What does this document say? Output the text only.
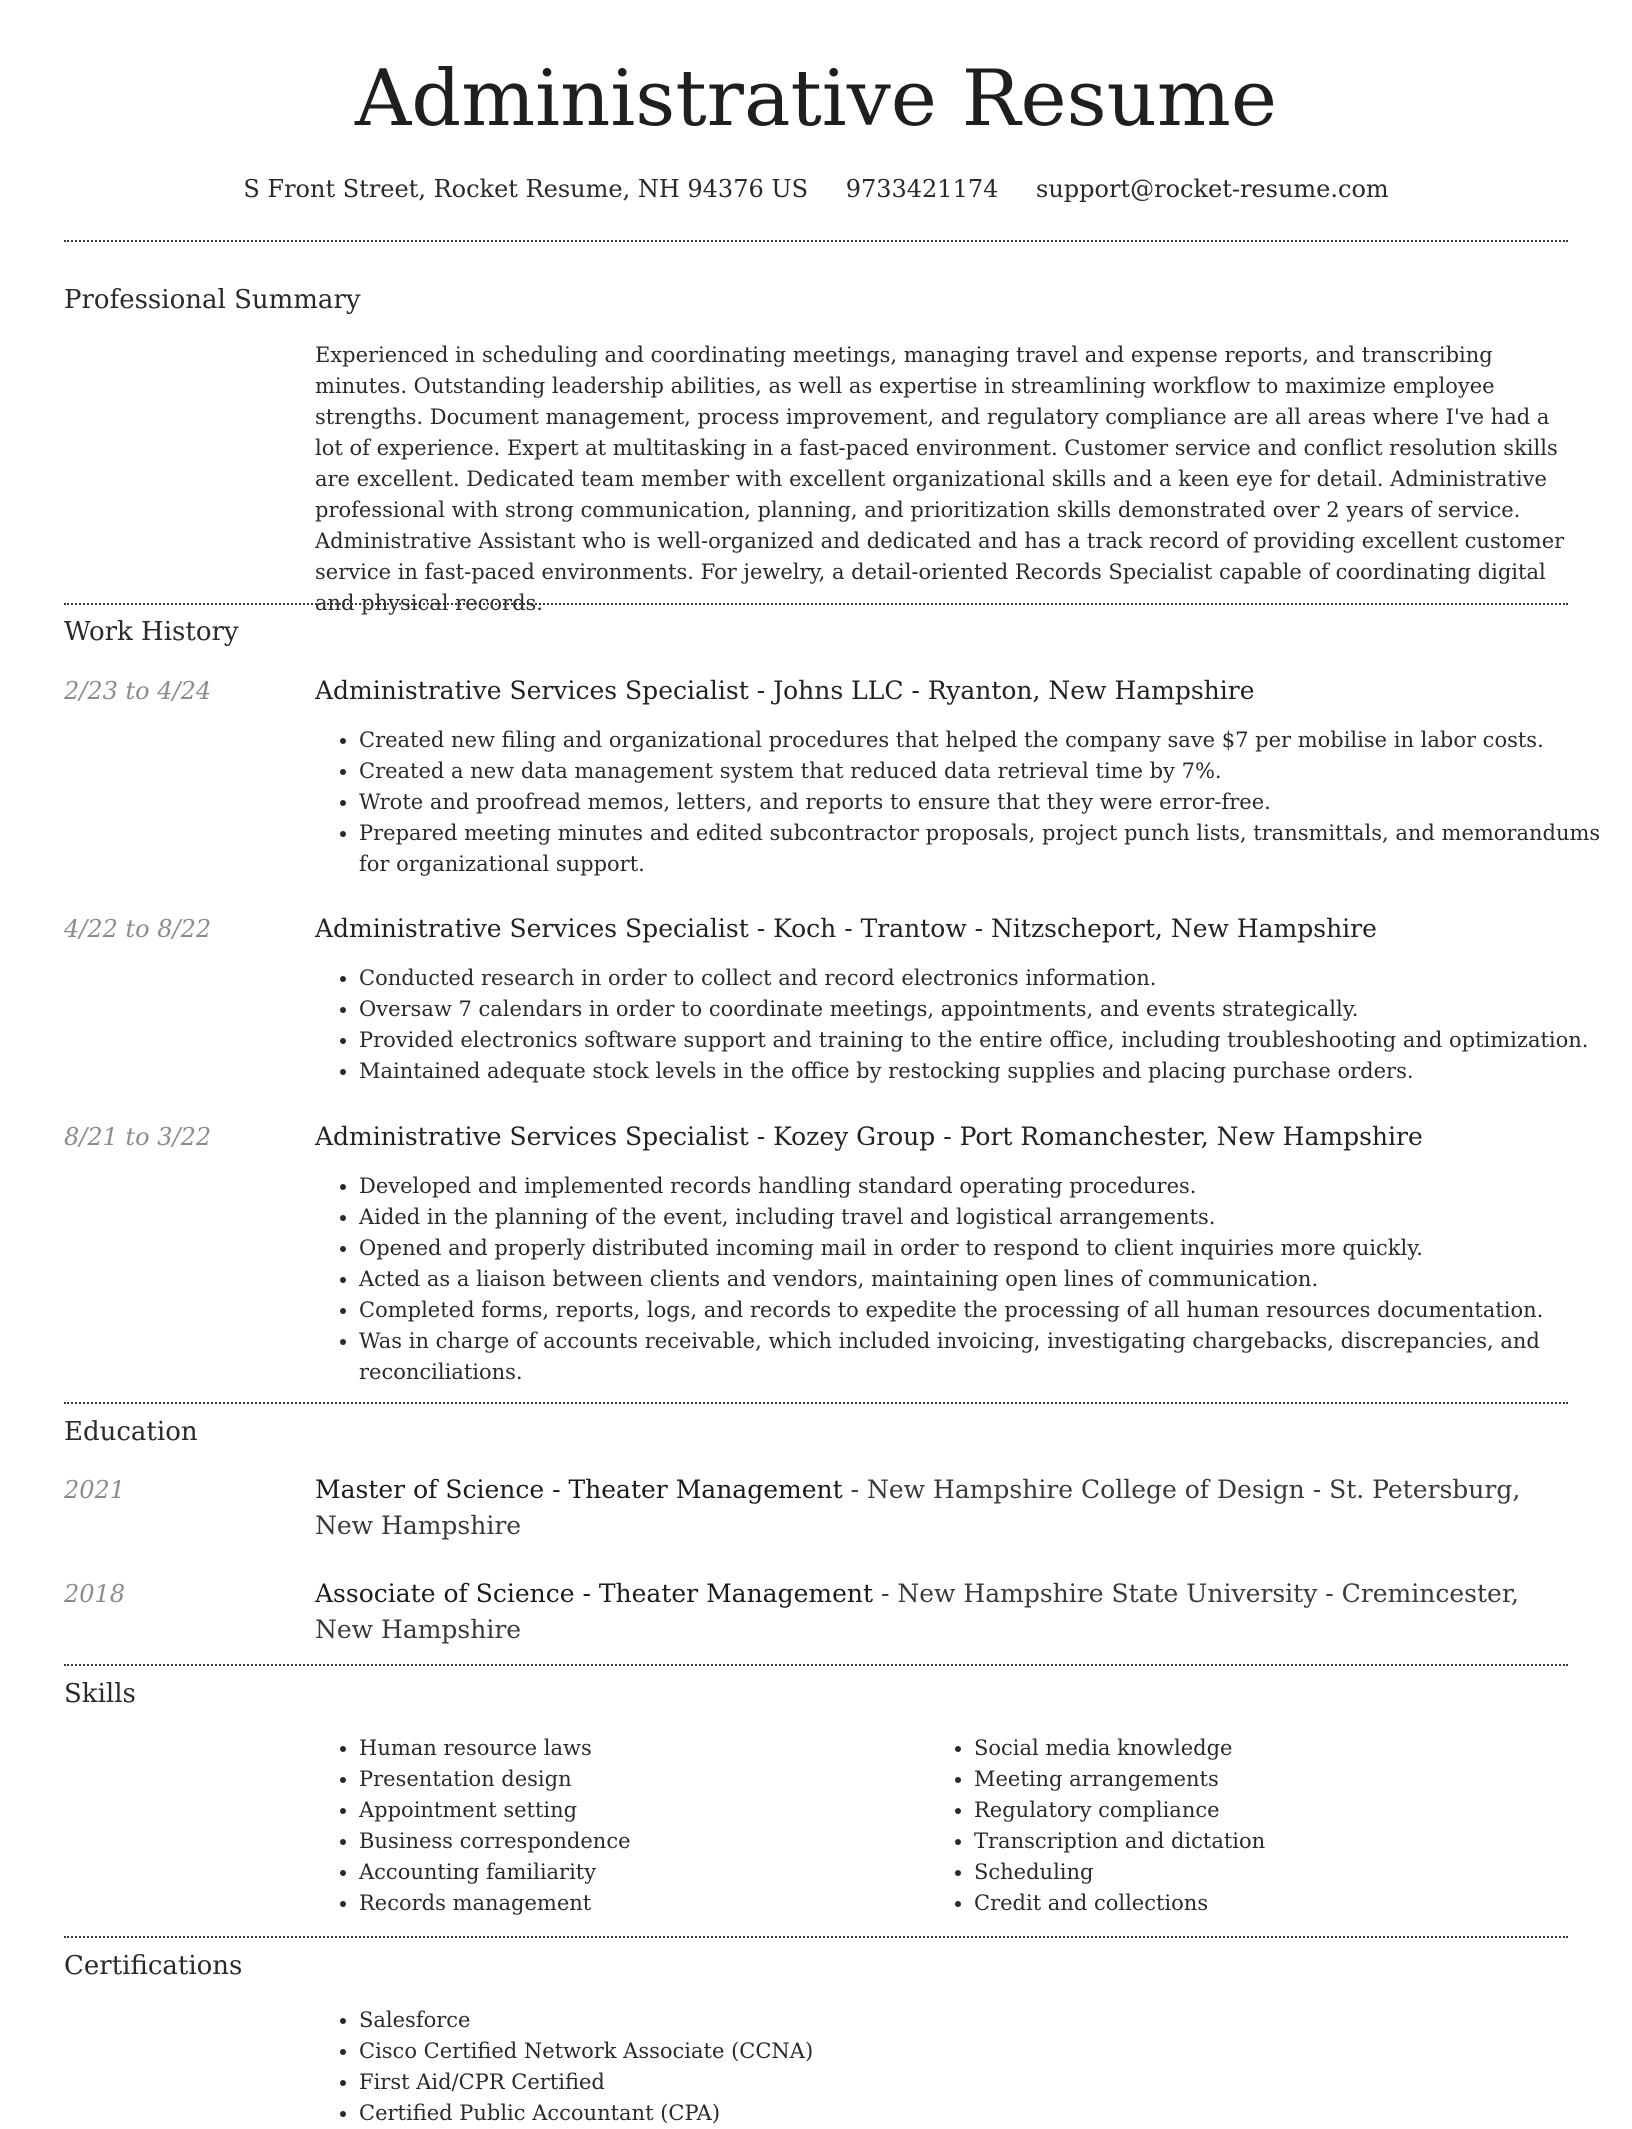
Administrative Resume
S Front Street, Rocket Resume, NH 94376 US 9733421174 support@rocket-resume.com
Professional Summary

Experienced in scheduling and coordinating meetings, managing travel and expense reports, and transcribing minutes. Outstanding leadership abilities, as well as expertise in streamlining workflow to maximize employee strengths. Document management, process improvement, and regulatory compliance are all areas where I've had a lot of experience. Expert at multitasking in a fast-paced environment. Customer service and conflict resolution skills are excellent. Dedicated team member with excellent organizational skills and a keen eye for detail. Administrative professional with strong communication, planning, and prioritization skills demonstrated over 2 years of service. Administrative Assistant who is well-organized and dedicated and has a track record of providing excellent customer service in fast-paced environments. For jewelry, a detail-oriented Records Specialist capable of coordinating digital and physical records.

Work History
2/23 to 4/24	Administrative Services Specialist - Johns LLC - Ryanton, New Hampshire
• Created new filing and organizational procedures that helped the company save $7 per mobilise in labor costs.
• Created a new data management system that reduced data retrieval time by 7%.
• Wrote and proofread memos, letters, and reports to ensure that they were error-free.
• Prepared meeting minutes and edited subcontractor proposals, project punch lists, transmittals, and memorandums for organizational support.
4/22 to 8/22	Administrative Services Specialist - Koch - Trantow - Nitzscheport, New Hampshire
• Conducted research in order to collect and record electronics information.
• Oversaw 7 calendars in order to coordinate meetings, appointments, and events strategically.
• Provided electronics software support and training to the entire office, including troubleshooting and optimization.
• Maintained adequate stock levels in the office by restocking supplies and placing purchase orders.
8/21 to 3/22	Administrative Services Specialist - Kozey Group - Port Romanchester, New Hampshire
• Developed and implemented records handling standard operating procedures.
• Aided in the planning of the event, including travel and logistical arrangements.
• Opened and properly distributed incoming mail in order to respond to client inquiries more quickly.
• Acted as a liaison between clients and vendors, maintaining open lines of communication.
• Completed forms, reports, logs, and records to expedite the processing of all human resources documentation.
• Was in charge of accounts receivable, which included invoicing, investigating chargebacks, discrepancies, and reconciliations.
Education
2021	Master of Science - Theater Management - New Hampshire College of Design - St. Petersburg, New Hampshire
2018	Associate of Science - Theater Management - New Hampshire State University - Cremincester, New Hampshire
Skills
• Human resource laws
• Presentation design
• Appointment setting
• Business correspondence
• Accounting familiarity
• Records management
• Social media knowledge
• Meeting arrangements
• Regulatory compliance
• Transcription and dictation
• Scheduling
• Credit and collections
Certifications
• Salesforce
• Cisco Certified Network Associate (CCNA)
• First Aid/CPR Certified
• Certified Public Accountant (CPA)
